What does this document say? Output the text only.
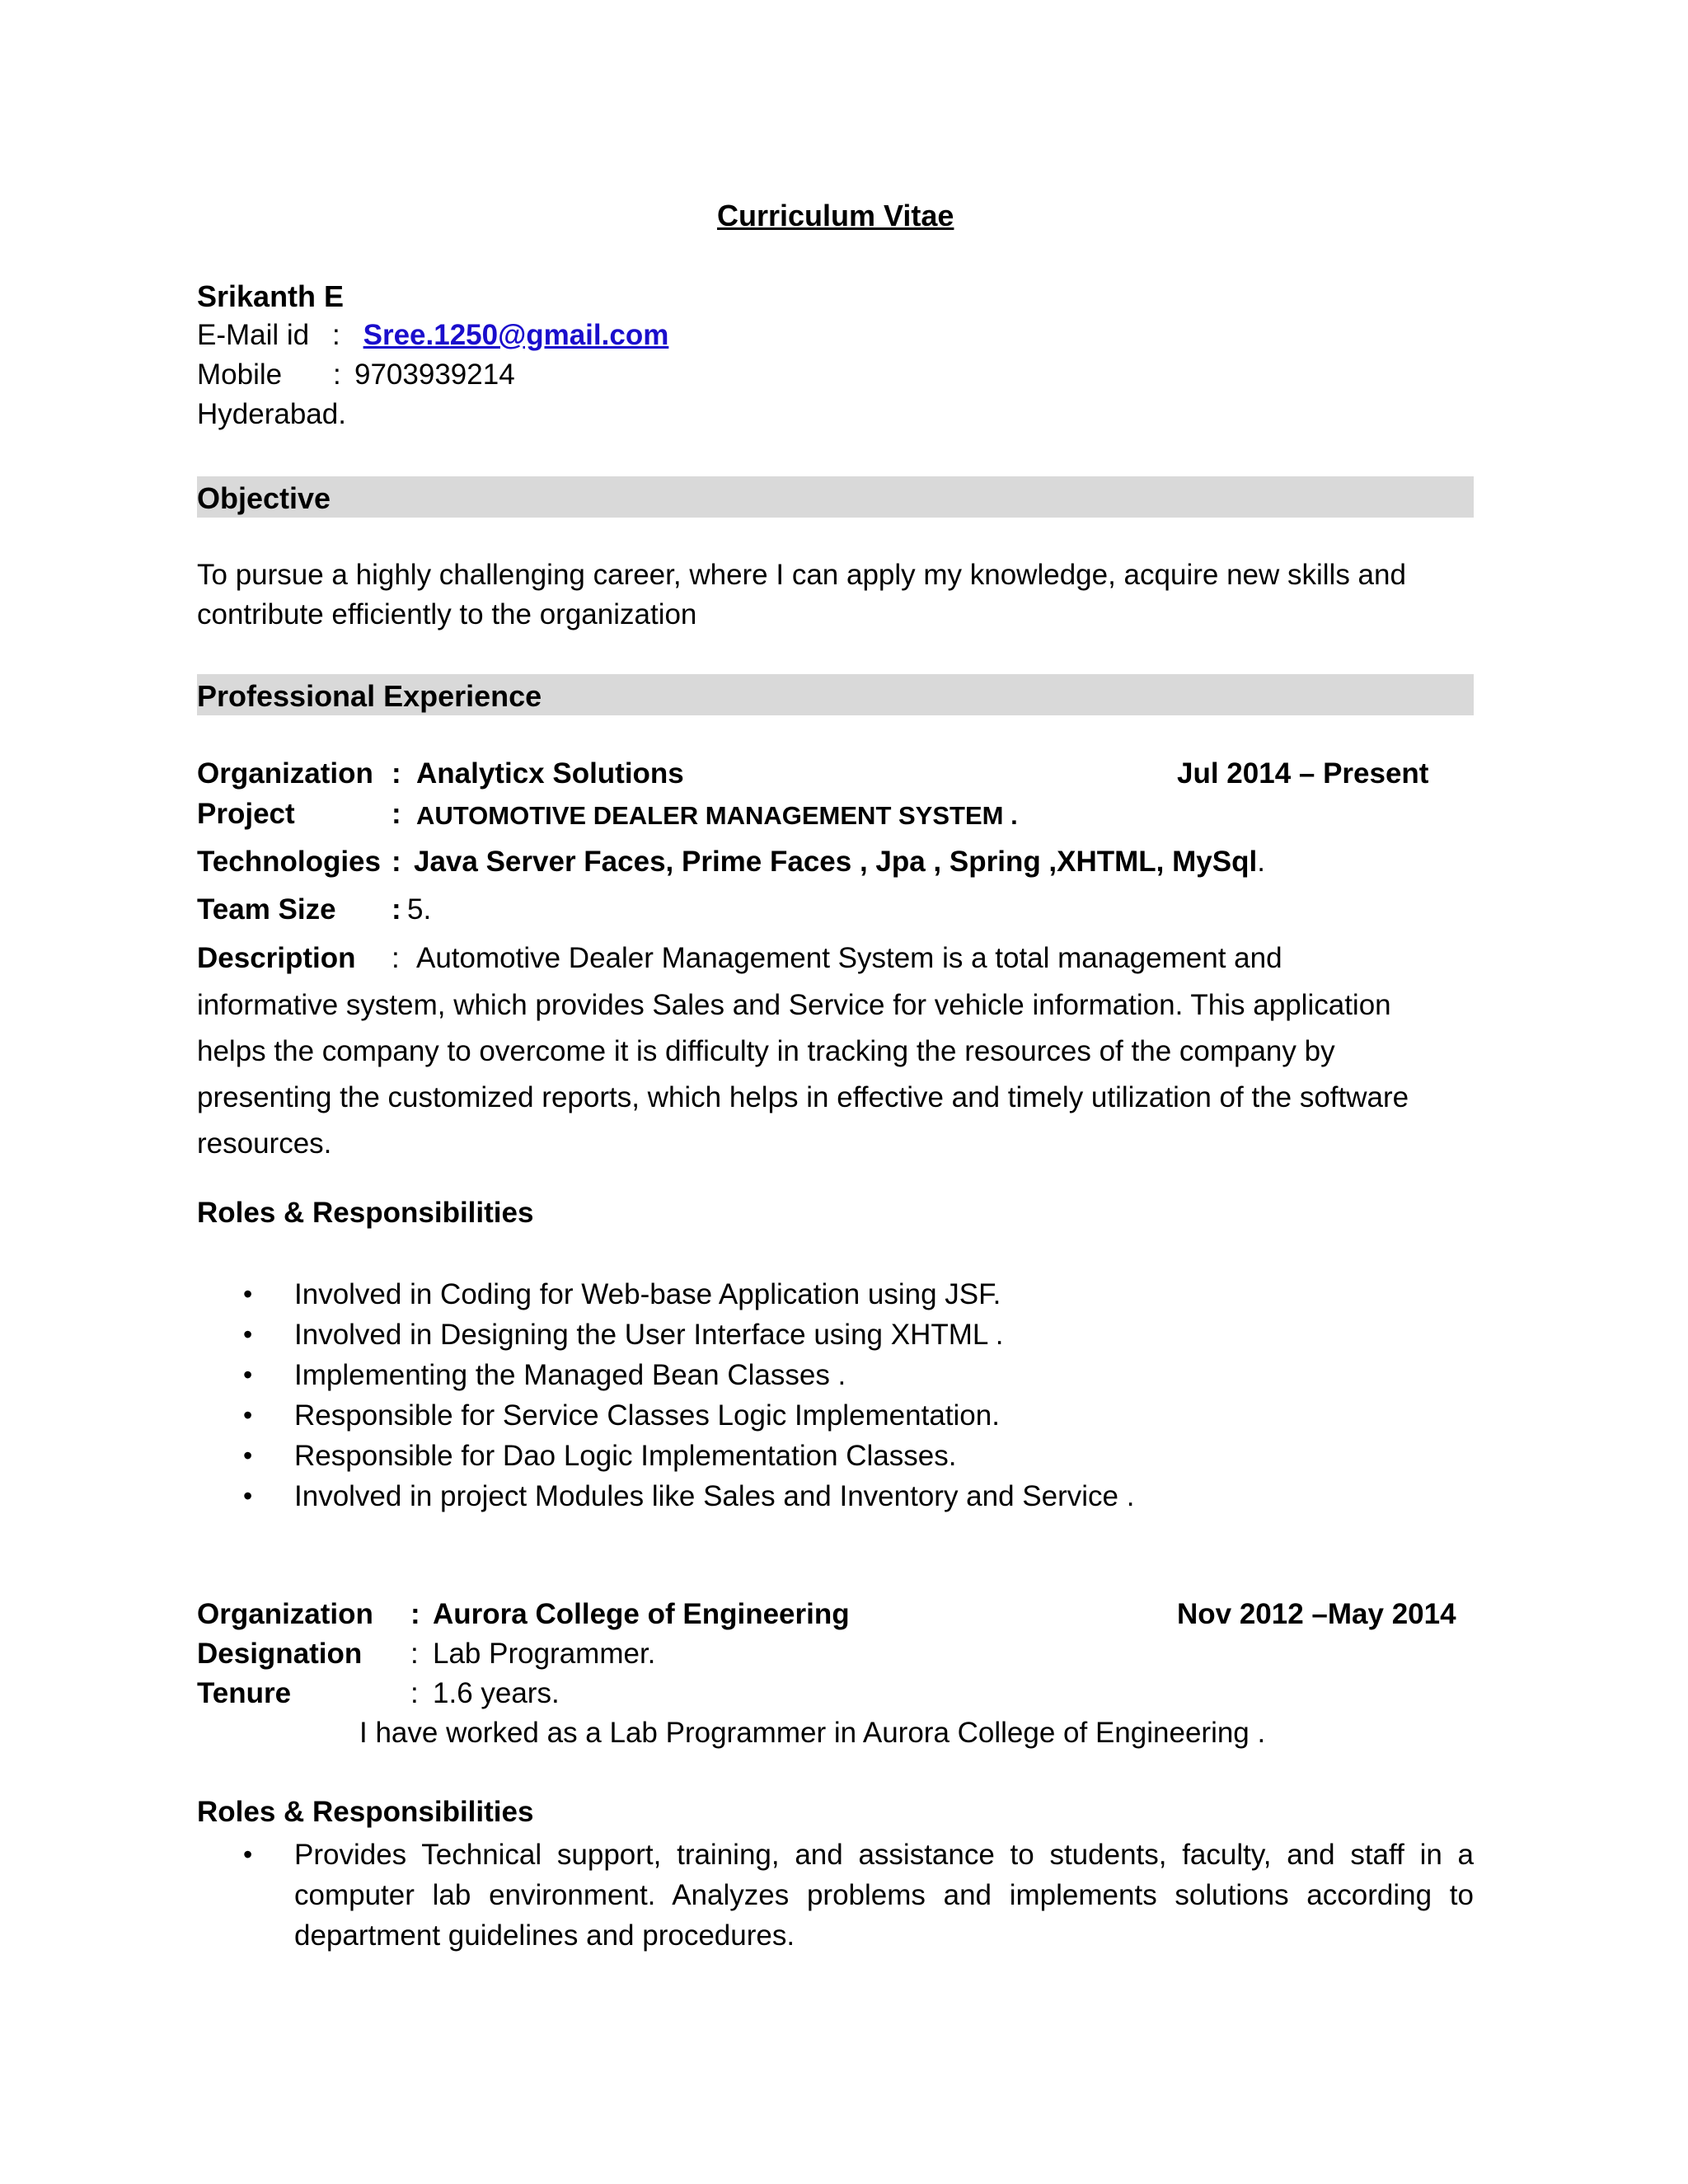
Curriculum Vitae
Srikanth E
E-Mail id : Sree.1250@gmail.com
Mobile : 9703939214
Hyderabad.
Objective
To pursue a highly challenging career, where I can apply my knowledge, acquire new skills and contribute efficiently to the organization
Professional Experience
Organization : Analyticx Solutions	Jul 2014 – Present
Project	: AUTOMOTIVE DEALER MANAGEMENT SYSTEM .
Technologies : Java Server Faces, Prime Faces , Jpa , Spring ,XHTML, MySql.
Team Size : 5.
Description : Automotive Dealer Management System is a total management and
informative system, which provides Sales and Service for vehicle information. This application helps the company to overcome it is difficulty in tracking the resources of the company by presenting the customized reports, which helps in effective and timely utilization of the software resources.
Roles & Responsibilities
• Involved in Coding for Web-base Application using JSF.
• Involved in Designing the User Interface using XHTML .
• Implementing the Managed Bean Classes .
• Responsible for Service Classes Logic Implementation.
• Responsible for Dao Logic Implementation Classes.
• Involved in project Modules like Sales and Inventory and Service .
Organization : Aurora College of Engineering	Nov 2012 –May 2014
Designation : Lab Programmer.
Tenure	: 1.6 years.
I have worked as a Lab Programmer in Aurora College of Engineering .
Roles & Responsibilities
• Provides Technical support, training, and assistance to students, faculty, and staff in a computer lab environment. Analyzes problems and implements solutions according to department guidelines and procedures.
